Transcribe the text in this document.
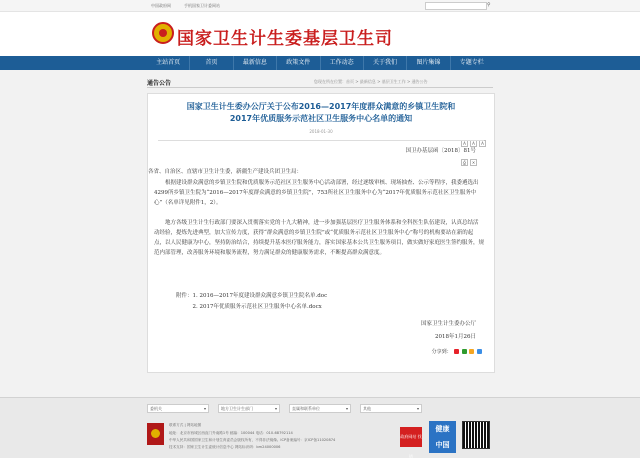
中国政府网	手机国家卫计委网站	⚲
国家卫生计生委基层卫生司
主站首页	首页	最新信息	政策文件	工作动态	关于我们	图片集锦	专题专栏
通告公告	您现在所在位置：首页 > 最新信息 > 基层卫生工作 > 通告公告
国家卫生计生委办公厅关于公布2016—2017年度群众满意的乡镇卫生院和
2017年优质服务示范社区卫生服务中心名单的通知
2018-01-30
A A A⎙ ✕
国卫办基层函〔2018〕81号
各省、自治区、直辖市卫生计生委，新疆生产建设兵团卫生局：
　　根据建设群众满意的乡镇卫生院和优质服务示范社区卫生服务中心活动部署，经过逐级审核、现场抽查、公示等程序，我委遴选出4299所乡镇卫生院为“2016—2017年度群众满意的乡镇卫生院”，753所社区卫生服务中心为“2017年优质服务示范社区卫生服务中心”（名单详见附件1，2）。
　　地方各级卫生计生行政部门要深入贯彻落实党的十九大精神，进一步加强基层医疗卫生服务体系和全科医生队伍建设，认真总结活动经验，提炼先进典型，加大宣传力度，获得“群众满意的乡镇卫生院”或“优质服务示范社区卫生服务中心”称号的机构要站在新的起点，以人民健康为中心，坚持防治结合，持续提升基本医疗服务能力，落实国家基本公共卫生服务项目，做实做好家庭医生签约服务，规范内部管理，改善服务环境和服务流程，努力满足群众的健康服务需求，不断提高群众满意度。
附件：1. 2016—2017年度建设群众满意乡镇卫生院名单.doc
　　　2. 2017年优质服务示范社区卫生服务中心名单.docx
国家卫生计生委办公厅
2018年1月26日
分享到：
委机关 ▾	地方卫生计生部门 ▾	直属和联系单位 ▾	其他 ▾
联系方式 | 网站地图
地址：北京市西城区西直门外南路1号 邮编：100044 电话：010-68792114
中华人民共和国国家卫生和计划生育委员会版权所有，不得非法镜像。ICP备案编号：京ICP备11020874
技术支持：国家卫生计生委统计信息中心 网站标识码：bm24000006
政府网站 找错
健康
中国
